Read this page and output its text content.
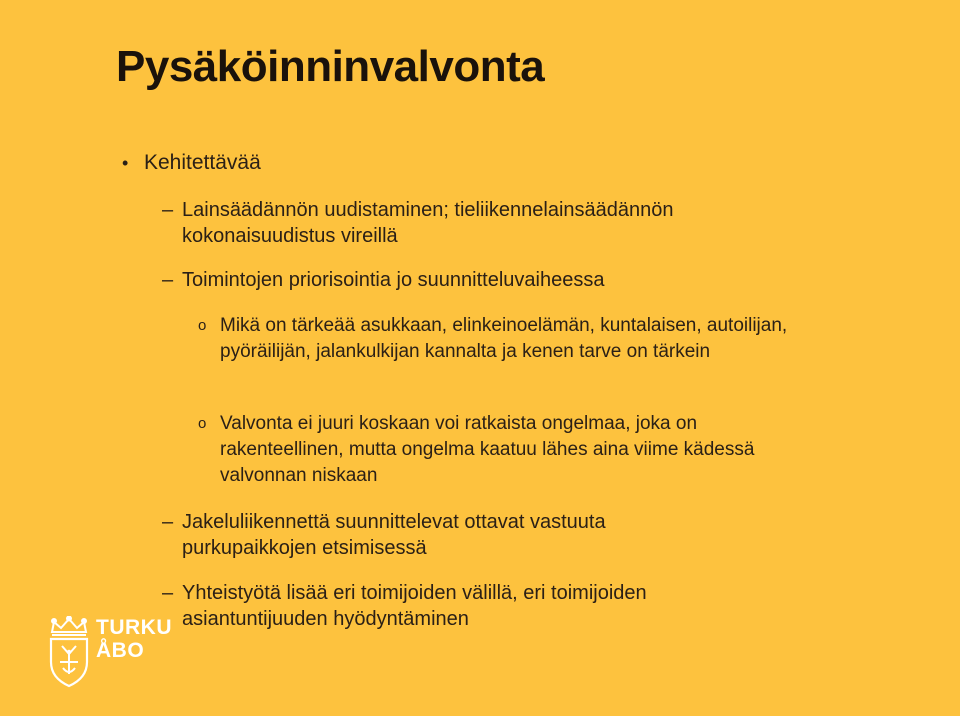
Pysäköinninvalvonta
• Kehitettävää
– Lainsäädännön uudistaminen; tieliikennelainsäädännön kokonaisuudistus vireillä
– Toimintojen priorisointia jo suunnitteluvaiheessa
o Mikä on tärkeää asukkaan, elinkeinoelämän, kuntalaisen, autoilijan, pyöräilijän, jalankulkijan kannalta ja kenen tarve on tärkein
o Valvonta ei juuri koskaan voi ratkaista ongelmaa, joka on rakenteellinen, mutta ongelma kaatuu lähes aina viime kädessä valvonnan niskaan
– Jakeluliikennettä suunnittelevat ottavat vastuuta purkupaikkojen etsimisessä
– Yhteistyötä lisää eri toimijoiden välillä, eri toimijoiden asiantuntijuuden hyödyntäminen
TURKU
ÅBO
